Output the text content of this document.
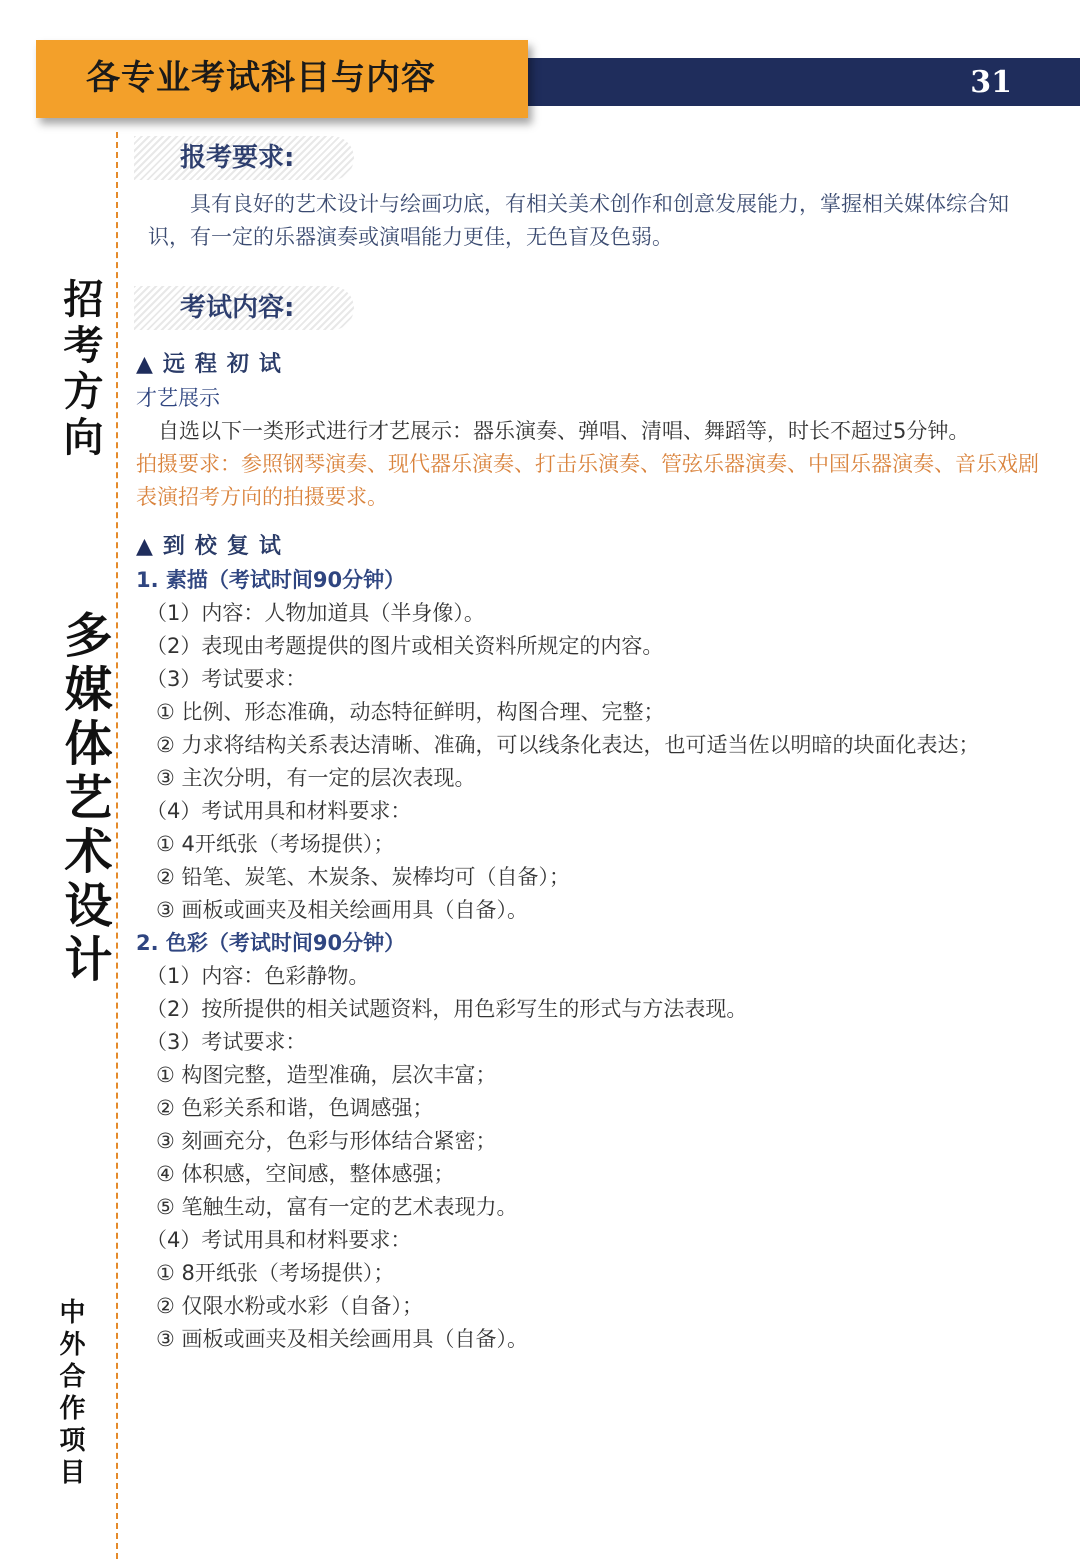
31
各专业考试科目与内容
招考方向
多媒体艺术设计
中外合作项目
报考要求:
具有良好的艺术设计与绘画功底，有相关美术创作和创意发展能力，掌握相关媒体综合知识，有一定的乐器演奏或演唱能力更佳，无色盲及色弱。
考试内容:
▲ 远程初试
才艺展示
自选以下一类形式进行才艺展示：器乐演奏、弹唱、清唱、舞蹈等，时长不超过5分钟。
拍摄要求：参照钢琴演奏、现代器乐演奏、打击乐演奏、管弦乐器演奏、中国乐器演奏、音乐戏剧表演招考方向的拍摄要求。
▲ 到校复试
1. 素描（考试时间90分钟）
（1）内容：人物加道具（半身像）。
（2）表现由考题提供的图片或相关资料所规定的内容。
（3）考试要求：
① 比例、形态准确，动态特征鲜明，构图合理、完整；
② 力求将结构关系表达清晰、准确，可以线条化表达，也可适当佐以明暗的块面化表达；
③ 主次分明，有一定的层次表现。
（4）考试用具和材料要求：
① 4开纸张（考场提供）；
② 铅笔、炭笔、木炭条、炭棒均可（自备）；
③ 画板或画夹及相关绘画用具（自备）。
2. 色彩（考试时间90分钟）
（1）内容：色彩静物。
（2）按所提供的相关试题资料，用色彩写生的形式与方法表现。
（3）考试要求：
① 构图完整，造型准确，层次丰富；
② 色彩关系和谐，色调感强；
③ 刻画充分，色彩与形体结合紧密；
④ 体积感，空间感，整体感强；
⑤ 笔触生动，富有一定的艺术表现力。
（4）考试用具和材料要求：
① 8开纸张（考场提供）；
② 仅限水粉或水彩（自备）；
③ 画板或画夹及相关绘画用具（自备）。
